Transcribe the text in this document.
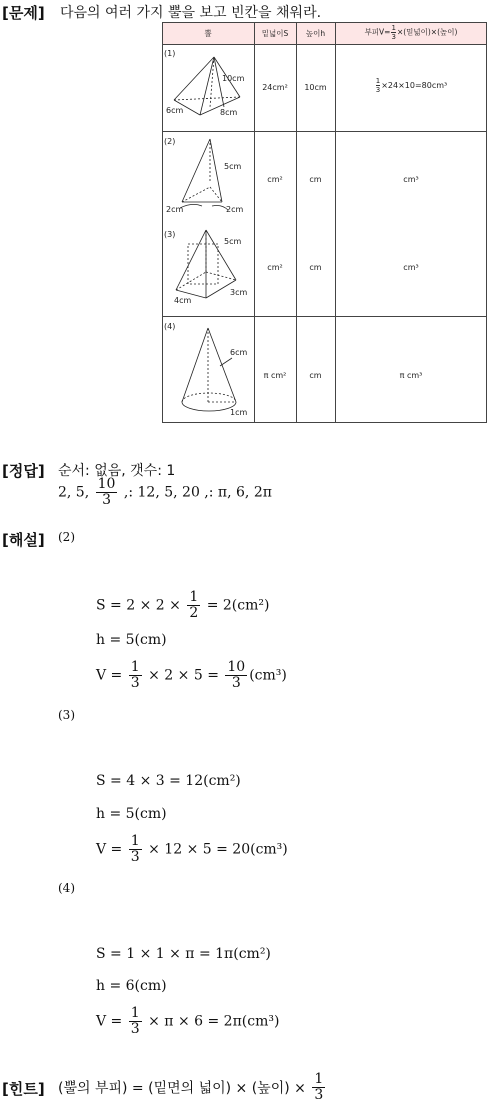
[문제] 다음의 여러 가지 뿔을 보고 빈칸을 채워라.
뿔	밑넓이S	높이h	부피$V= \frac{1}{3}$ ×(밑넓이)×(높이)
(1)
10cm
6cm	8cm
24cm²	10cm	$\frac{1}{3} \times 24\times 10=80cm^3$
(2)
5cm
2cm	2cm
cm²	cm	cm³
(3)
5cm
4cm
3cm
cm²	cm	cm³
(4)
6cm
1cm
π cm²	cm	π cm³
[정답] 순서: 없음, 갯수: 1
2, 5, $\frac{10}{3}$ ,: 12, 5, 20 ,: π, 6, 2π
[해설] (2)
$S = 2 \times 2 \times \frac{1}{2} = 2(cm^2)$
h = 5(cm)
$V = \frac{1}{3} \times 2 \times 5 = \frac{10}{3} (cm^3)$
(3)
S = 4 × 3 = 12(cm²)
h = 5(cm)
$V = \frac{1}{3} \times 12 \times 5 = 20(cm^3)$
(4)
S = 1 × 1 × π = 1π(cm²)
h = 6(cm)
$V = \frac{1}{3} \times \pi \times 6 = 2\pi(cm^3)$
[힌트] (뿔의 부피) = (밑면의 넓이) × (높이) × $\frac{1}{3}$
